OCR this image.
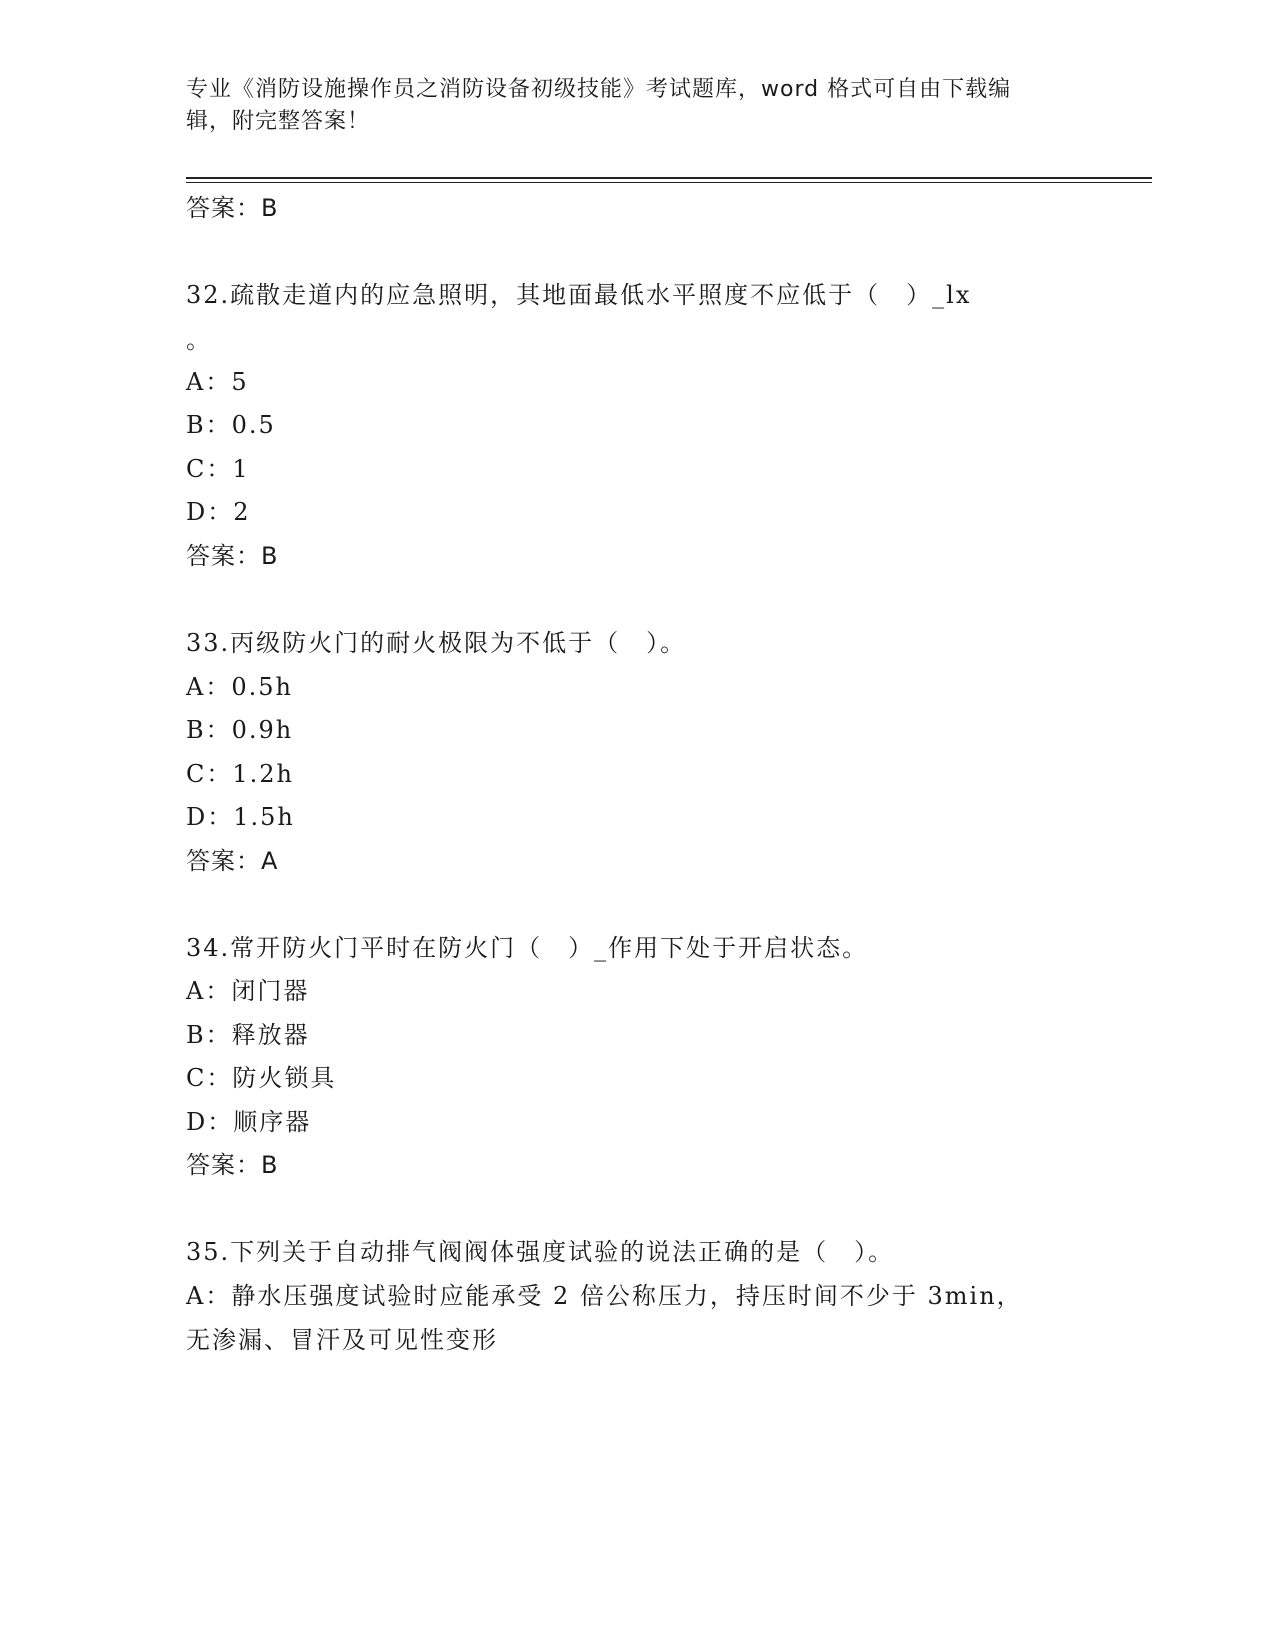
专业《消防设施操作员之消防设备初级技能》考试题库，word 格式可自由下载编
辑，附完整答案！
答案：B
32.疏散走道内的应急照明，其地面最低水平照度不应低于（　）_lx
。
A：5
B：0.5
C：1
D：2
答案：B
33.丙级防火门的耐火极限为不低于（　）。
A：0.5h
B：0.9h
C：1.2h
D：1.5h
答案：A
34.常开防火门平时在防火门（　）_作用下处于开启状态。
A：闭门器
B：释放器
C：防火锁具
D：顺序器
答案：B
35.下列关于自动排气阀阀体强度试验的说法正确的是（　）。
A：静水压强度试验时应能承受 2 倍公称压力，持压时间不少于 3min，
无渗漏、冒汗及可见性变形
